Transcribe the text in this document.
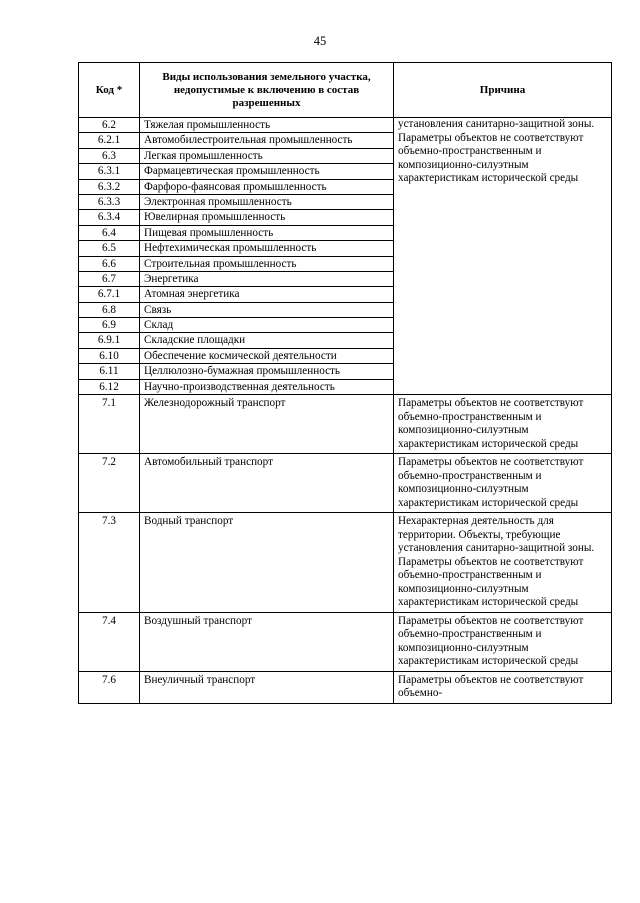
45
Код *	Виды использования земельного участка, недопустимые к включению в состав разрешенных	Причина
6.2	Тяжелая промышленность	установления санитарно-защитной зоны. Параметры объектов не соответствуют объемно-пространственным и композиционно-силуэтным характеристикам исторической среды
6.2.1	Автомобилестроительная промышленность	
6.3	Легкая промышленность	
6.3.1	Фармацевтическая промышленность	
6.3.2	Фарфоро-фаянсовая промышленность	
6.3.3	Электронная промышленность	
6.3.4	Ювелирная промышленность	
6.4	Пищевая промышленность	
6.5	Нефтехимическая промышленность	
6.6	Строительная промышленность	
6.7	Энергетика	
6.7.1	Атомная энергетика	
6.8	Связь	
6.9	Склад	
6.9.1	Складские площадки	
6.10	Обеспечение космической деятельности	
6.11	Целлюлозно-бумажная промышленность	
6.12	Научно-производственная деятельность	
7.1	Железнодорожный транспорт	Параметры объектов не соответствуют объемно-пространственным и композиционно-силуэтным характеристикам исторической среды
7.2	Автомобильный транспорт	Параметры объектов не соответствуют объемно-пространственным и композиционно-силуэтным характеристикам исторической среды
7.3	Водный транспорт	Нехарактерная деятельность для территории. Объекты, требующие установления санитарно-защитной зоны. Параметры объектов не соответствуют объемно-пространственным и композиционно-силуэтным характеристикам исторической среды
7.4	Воздушный транспорт	Параметры объектов не соответствуют объемно-пространственным и композиционно-силуэтным характеристикам исторической среды
7.6	Внеуличный транспорт	Параметры объектов не соответствуют объемно-
